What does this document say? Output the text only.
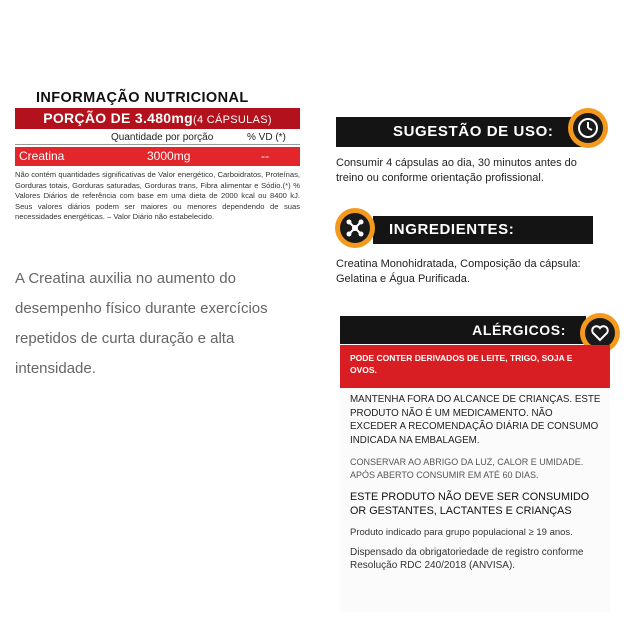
INFORMAÇÃO NUTRICIONAL
PORÇÃO DE 3.480mg(4 CÁPSULAS)
Quantidade por porção	% VD (*)
Creatina	3000mg	--
Não contém quantidades significativas de Valor energético, Carboidratos, Proteínas, Gorduras totais, Gorduras saturadas, Gorduras trans, Fibra alimentar e Sódio.(*) % Valores Diários de referência com base em uma dieta de 2000 kcal ou 8400 kJ. Seus valores diários podem ser maiores ou menores dependendo de suas necessidades energéticas. – Valor Diário não estabelecido.
A Creatina auxilia no aumento do desempenho físico durante exercícios repetidos de curta duração e alta intensidade.
SUGESTÃO DE USO:
Consumir 4 cápsulas ao dia, 30 minutos antes do treino ou conforme orientação profissional.
INGREDIENTES:
Creatina Monohidratada, Composição da cápsula: Gelatina e Água Purificada.
ALÉRGICOS:
PODE CONTER DERIVADOS DE LEITE, TRIGO, SOJA E OVOS.
MANTENHA FORA DO ALCANCE DE CRIANÇAS. ESTE PRODUTO NÃO É UM MEDICAMENTO. NÃO EXCEDER A RECOMENDAÇÃO DIÁRIA DE CONSUMO INDICADA NA EMBALAGEM.
CONSERVAR AO ABRIGO DA LUZ, CALOR E UMIDADE. APÓS ABERTO CONSUMIR EM ATÉ 60 DIAS.
ESTE PRODUTO NÃO DEVE SER CONSUMIDO OR GESTANTES, LACTANTES E CRIANÇAS
Produto indicado para grupo populacional ≥ 19 anos.
Dispensado da obrigatoriedade de registro conforme Resolução RDC 240/2018 (ANVISA).
